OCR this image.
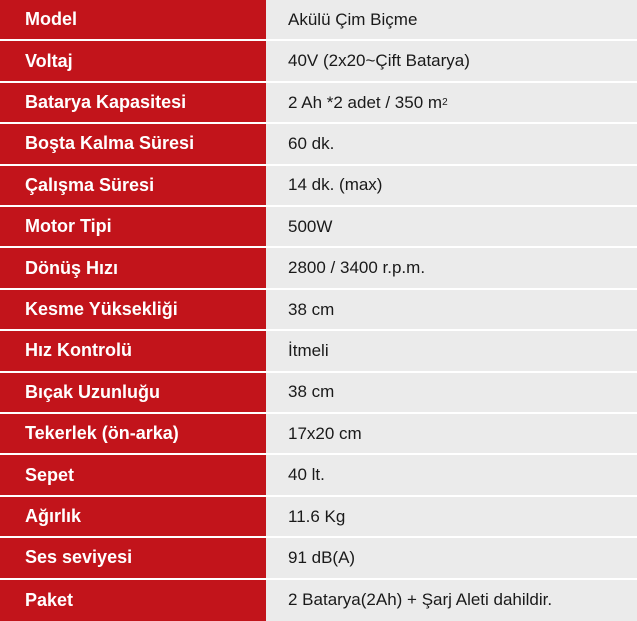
Model	Akülü Çim Biçme
Voltaj	40V (2x20~Çift Batarya)
Batarya Kapasitesi	2 Ah *2 adet / 350 m 2
Boşta Kalma Süresi	60 dk.
Çalışma Süresi	14 dk. (max)
Motor Tipi	500W
Dönüş Hızı	2800 / 3400 r.p.m.
Kesme Yüksekliği	38 cm
Hız Kontrolü	İtmeli
Bıçak Uzunluğu	38 cm
Tekerlek (ön-arka)	17x20 cm
Sepet	40 lt.
Ağırlık	11.6 Kg
Ses seviyesi	91 dB(A)
Paket	2 Batarya(2Ah) + Şarj Aleti dahildir.
